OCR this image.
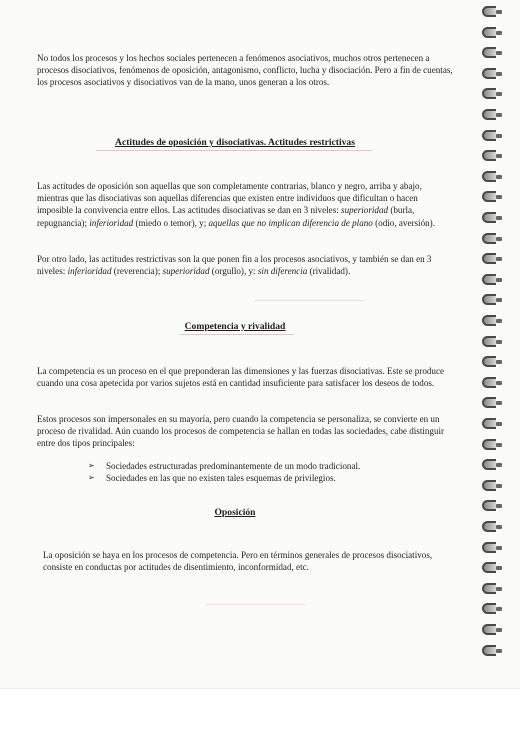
No todos los procesos y los hechos sociales pertenecen a fenómenos asociativos, muchos otros pertenecen a procesos disociativos, fenómenos de oposición, antagonismo, conflicto, lucha y disociación. Pero a fin de cuentas, los procesos asociativos y disociativos van de la mano, unos generan a los otros.

Actitudes de oposición y disociativas. Actitudes restrictivas

Las actitudes de oposición son aquellas que son completamente contrarias, blanco y negro, arriba y abajo, mientras que las disociativas son aquellas diferencias que existen entre individuos que dificultan o hacen imposible la convivencia entre ellos. Las actitudes disociativas se dan en 3 niveles: superioridad (burla, repugnancia); inferioridad (miedo o temor), y; aquellas que no implican diferencia de plano (odio, aversión).

Por otro lado, las actitudes restrictivas son la que ponen fin a los procesos asociativos, y también se dan en 3 niveles: inferioridad (reverencia); superioridad (orgullo), y: sin diferencia (rivalidad).

Competencia y rivalidad

La competencia es un proceso en el que preponderan las dimensiones y las fuerzas disociativas. Este se produce cuando una cosa apetecida por varios sujetos está en cantidad insuficiente para satisfacer los deseos de todos.

Estos procesos son impersonales en su mayoría, pero cuando la competencia se personaliza, se convierte en un proceso de rivalidad. Aún cuando los procesos de competencia se hallan en todas las sociedades, cabe distinguir entre dos tipos principales:

➢ Sociedades estructuradas predominantemente de un modo tradicional.
➢ Sociedades en las que no existen tales esquemas de privilegios.

Oposición

La oposición se haya en los procesos de competencia. Pero en términos generales de procesos disociativos, consiste en conductas por actitudes de disentimiento, inconformidad, etc.
